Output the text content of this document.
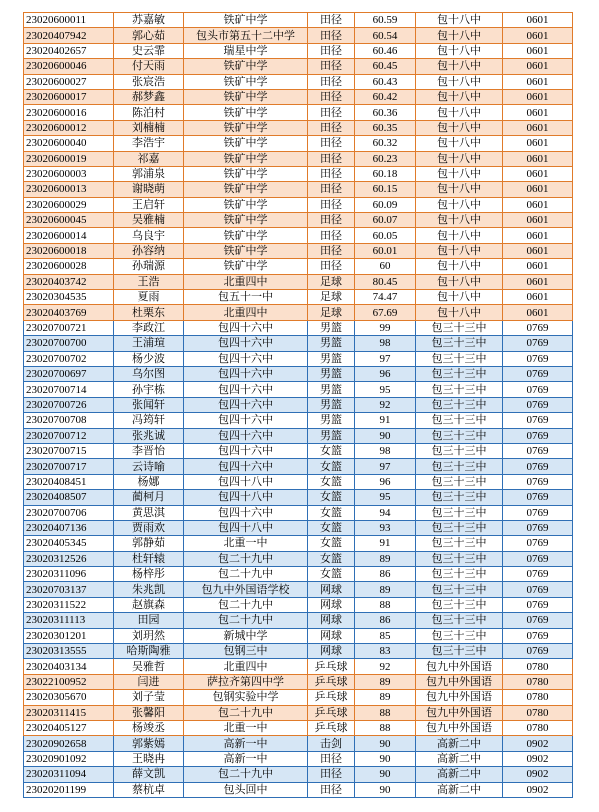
23020600011	苏嘉敏	铁矿中学	田径	60.59	包十八中	0601
23020407942	郭心茹	包头市第五十二中学	田径	60.54	包十八中	0601
23020402657	史云霏	瑞星中学	田径	60.46	包十八中	0601
23020600046	付天雨	铁矿中学	田径	60.45	包十八中	0601
23020600027	张宸浩	铁矿中学	田径	60.43	包十八中	0601
23020600017	郝梦鑫	铁矿中学	田径	60.42	包十八中	0601
23020600016	陈泊村	铁矿中学	田径	60.36	包十八中	0601
23020600012	刘楠楠	铁矿中学	田径	60.35	包十八中	0601
23020600040	李浩宇	铁矿中学	田径	60.32	包十八中	0601
23020600019	祁嘉	铁矿中学	田径	60.23	包十八中	0601
23020600003	郭浦泉	铁矿中学	田径	60.18	包十八中	0601
23020600013	谢晓萌	铁矿中学	田径	60.15	包十八中	0601
23020600029	王启轩	铁矿中学	田径	60.09	包十八中	0601
23020600045	吴雅楠	铁矿中学	田径	60.07	包十八中	0601
23020600014	乌良宇	铁矿中学	田径	60.05	包十八中	0601
23020600018	孙容纳	铁矿中学	田径	60.01	包十八中	0601
23020600028	孙瑞源	铁矿中学	田径	60	包十八中	0601
23020403742	王浩	北重四中	足球	80.45	包十八中	0601
23020304535	夏雨	包五十一中	足球	74.47	包十八中	0601
23020403769	杜栗东	北重四中	足球	67.69	包十八中	0601
23020700721	李政江	包四十六中	男篮	99	包三十三中	0769
23020700700	王浦瑄	包四十六中	男篮	98	包三十三中	0769
23020700702	杨少波	包四十六中	男篮	97	包三十三中	0769
23020700697	乌尔图	包四十六中	男篮	96	包三十三中	0769
23020700714	孙宇栋	包四十六中	男篮	95	包三十三中	0769
23020700726	张闻轩	包四十六中	男篮	92	包三十三中	0769
23020700708	冯筠轩	包四十六中	男篮	91	包三十三中	0769
23020700712	张兆诚	包四十六中	男篮	90	包三十三中	0769
23020700715	李晋怡	包四十六中	女篮	98	包三十三中	0769
23020700717	云诗喻	包四十六中	女篮	97	包三十三中	0769
23020408451	杨娜	包四十八中	女篮	96	包三十三中	0769
23020408507	蔺柯月	包四十八中	女篮	95	包三十三中	0769
23020700706	黄思淇	包四十六中	女篮	94	包三十三中	0769
23020407136	贾雨欢	包四十八中	女篮	93	包三十三中	0769
23020405345	郭静茹	北重一中	女篮	91	包三十三中	0769
23020312526	杜轩辕	包二十九中	女篮	89	包三十三中	0769
23020311096	杨梓彤	包二十九中	女篮	86	包三十三中	0769
23020703137	朱兆凯	包九中外国语学校	网球	89	包三十三中	0769
23020311522	赵旗森	包二十九中	网球	88	包三十三中	0769
23020311113	田园	包二十九中	网球	86	包三十三中	0769
23020301201	刘玥然	新城中学	网球	85	包三十三中	0769
23020313555	哈斯陶雅	包钢三中	网球	83	包三十三中	0769
23020403134	吴雅哲	北重四中	乒乓球	92	包九中外国语	0780
23022100952	闫进	萨拉齐第四中学	乒乓球	89	包九中外国语	0780
23020305670	刘子莹	包钢实验中学	乒乓球	89	包九中外国语	0780
23020311415	张馨阳	包二十九中	乒乓球	88	包九中外国语	0780
23020405127	杨竣丞	北重一中	乒乓球	88	包九中外国语	0780
23020902658	郭紫嫣	高新一中	击剑	90	高新二中	0902
23020901092	王晓冉	高新一中	田径	90	高新二中	0902
23020311094	薛文凯	包二十九中	田径	90	高新二中	0902
23020201199	蔡杭卓	包头回中	田径	90	高新二中	0902
